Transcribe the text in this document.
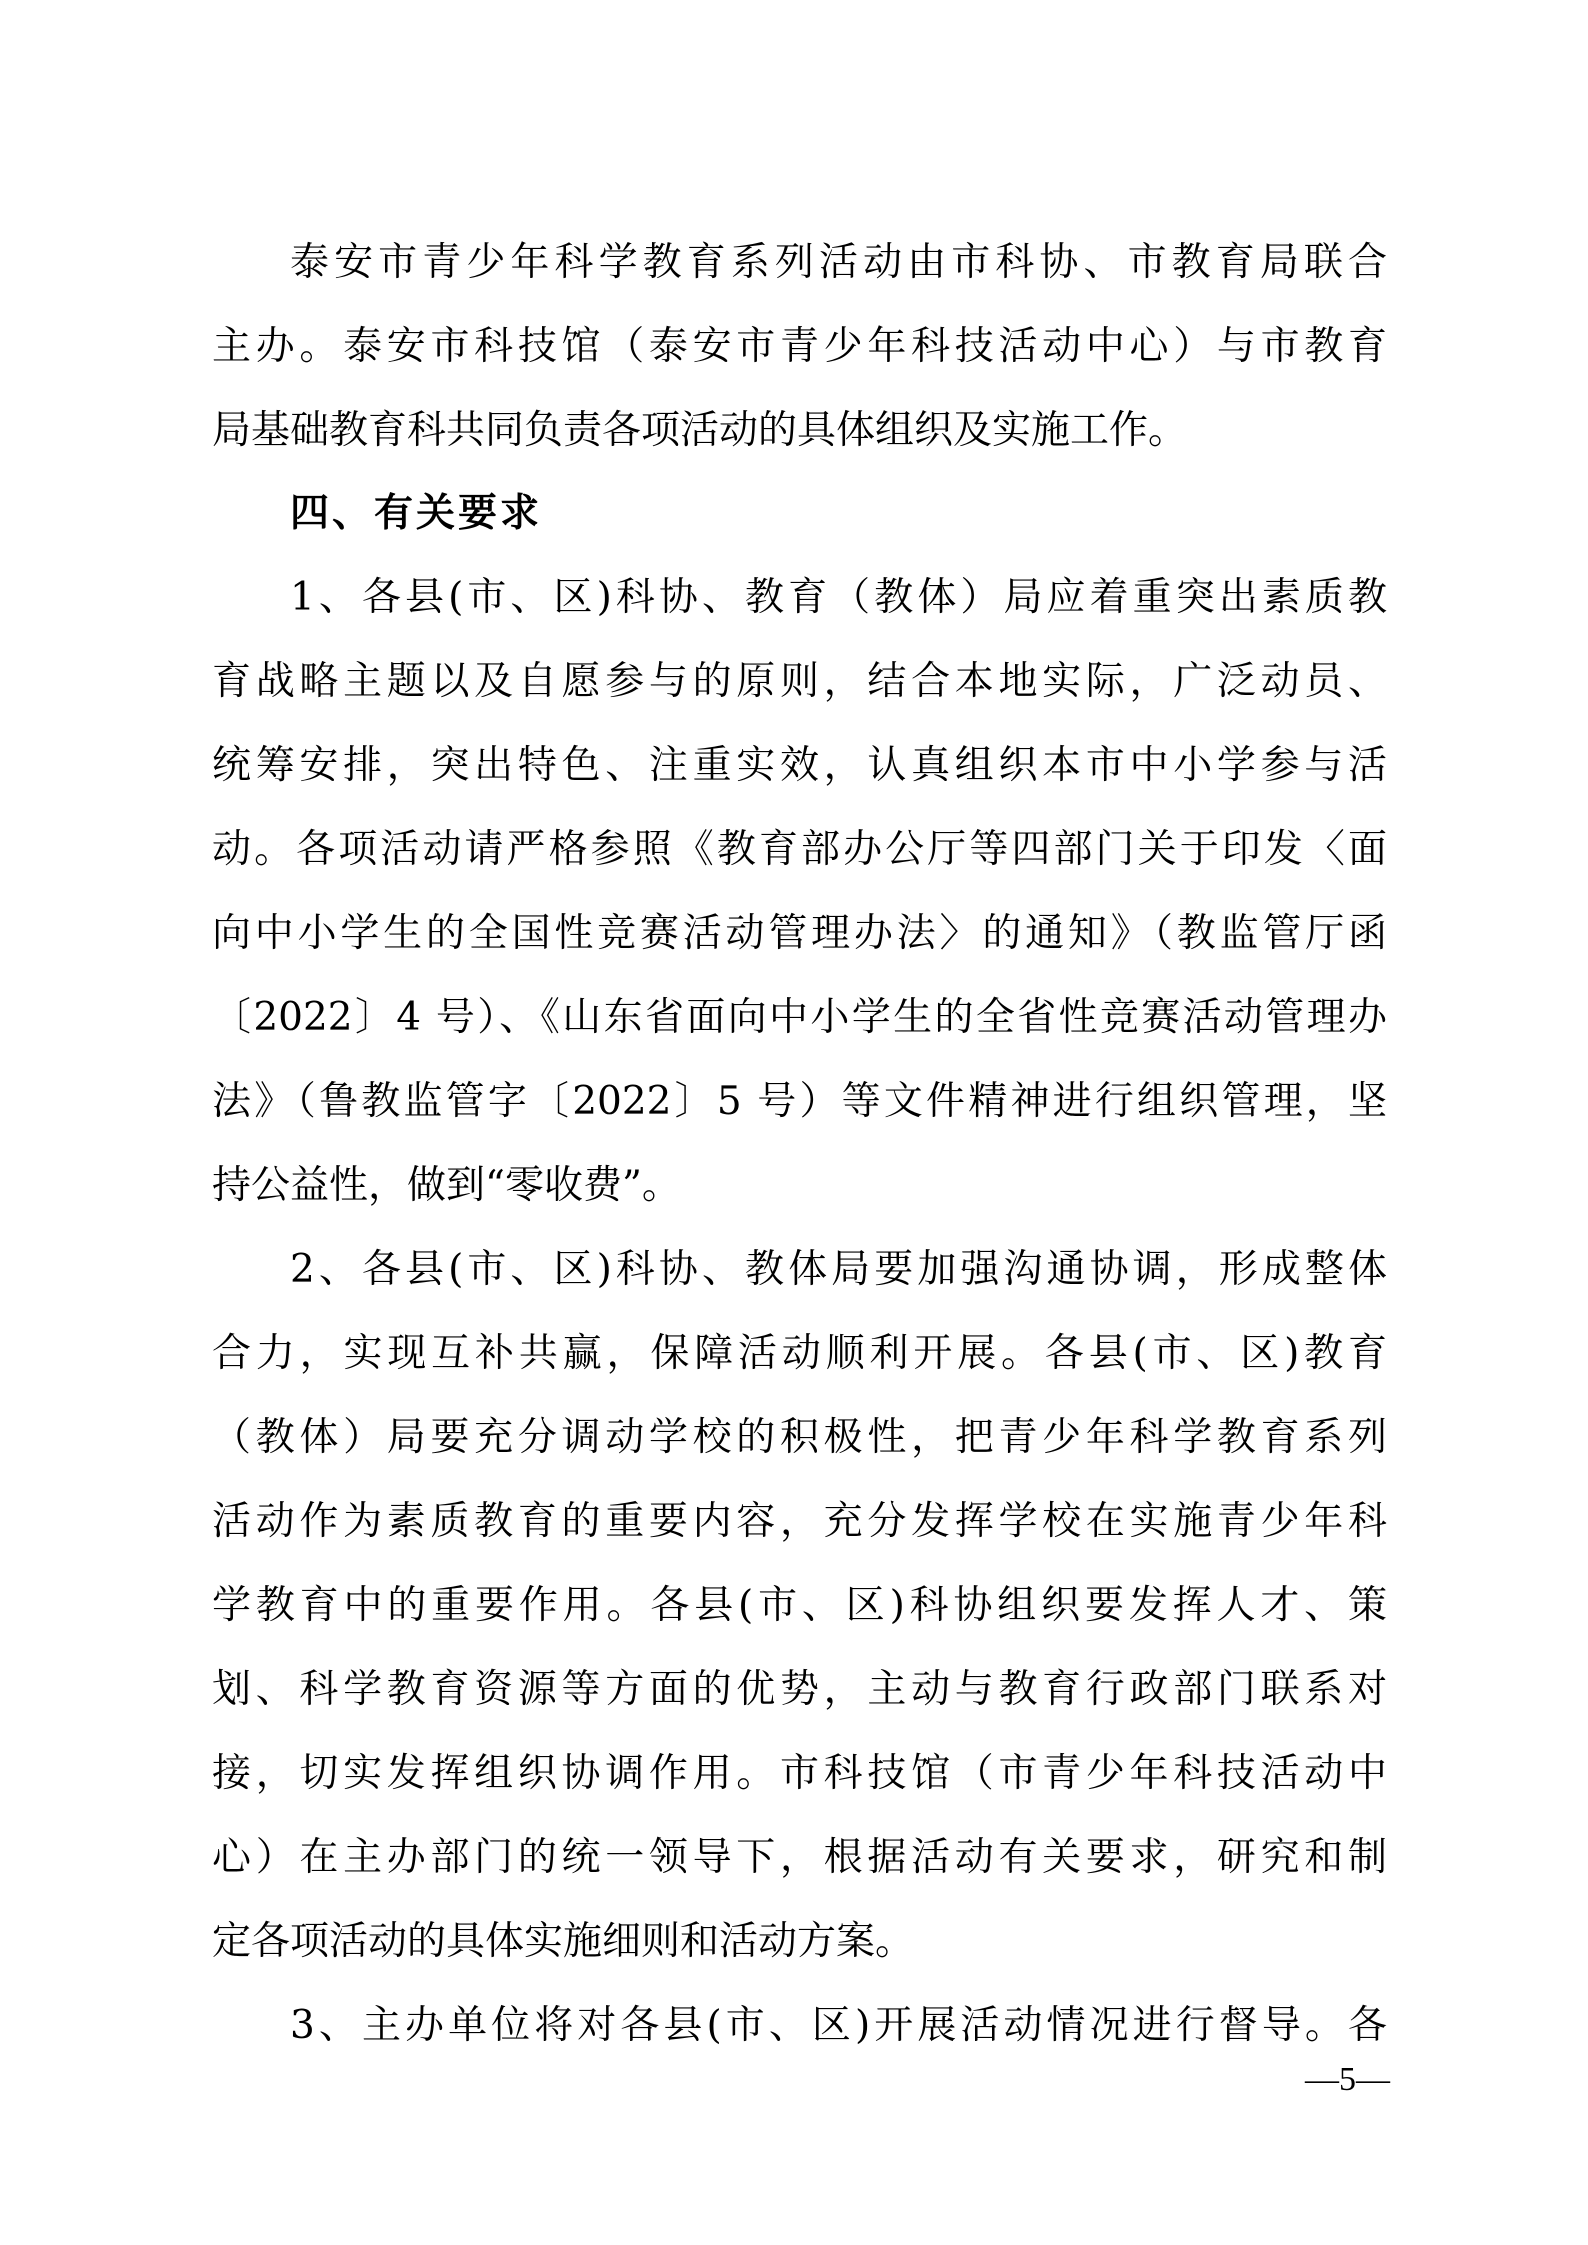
泰安市青少年科学教育系列活动由市科协、市教育局联合
主办。泰安市科技馆（泰安市青少年科技活动中心）与市教育
局基础教育科共同负责各项活动的具体组织及实施工作。
四、有关要求
1、各县(市、区)科协、教育（教体）局应着重突出素质教
育战略主题以及自愿参与的原则，结合本地实际，广泛动员、
统筹安排，突出特色、注重实效，认真组织本市中小学参与活
动。各项活动请严格参照《教育部办公厅等四部门关于印发〈面
向中小学生的全国性竞赛活动管理办法〉的通知》（教监管厅函
〔2022〕4 号）、《山东省面向中小学生的全省性竞赛活动管理办
法》（鲁教监管字〔2022〕5 号）等文件精神进行组织管理，坚
持公益性，做到“零收费”。
2、各县(市、区)科协、教体局要加强沟通协调，形成整体
合力，实现互补共赢，保障活动顺利开展。各县(市、区)教育
（教体）局要充分调动学校的积极性，把青少年科学教育系列
活动作为素质教育的重要内容，充分发挥学校在实施青少年科
学教育中的重要作用。各县(市、区)科协组织要发挥人才、策
划、科学教育资源等方面的优势，主动与教育行政部门联系对
接，切实发挥组织协调作用。市科技馆（市青少年科技活动中
心）在主办部门的统一领导下，根据活动有关要求，研究和制
定各项活动的具体实施细则和活动方案。
3、主办单位将对各县(市、区)开展活动情况进行督导。各
—5—
